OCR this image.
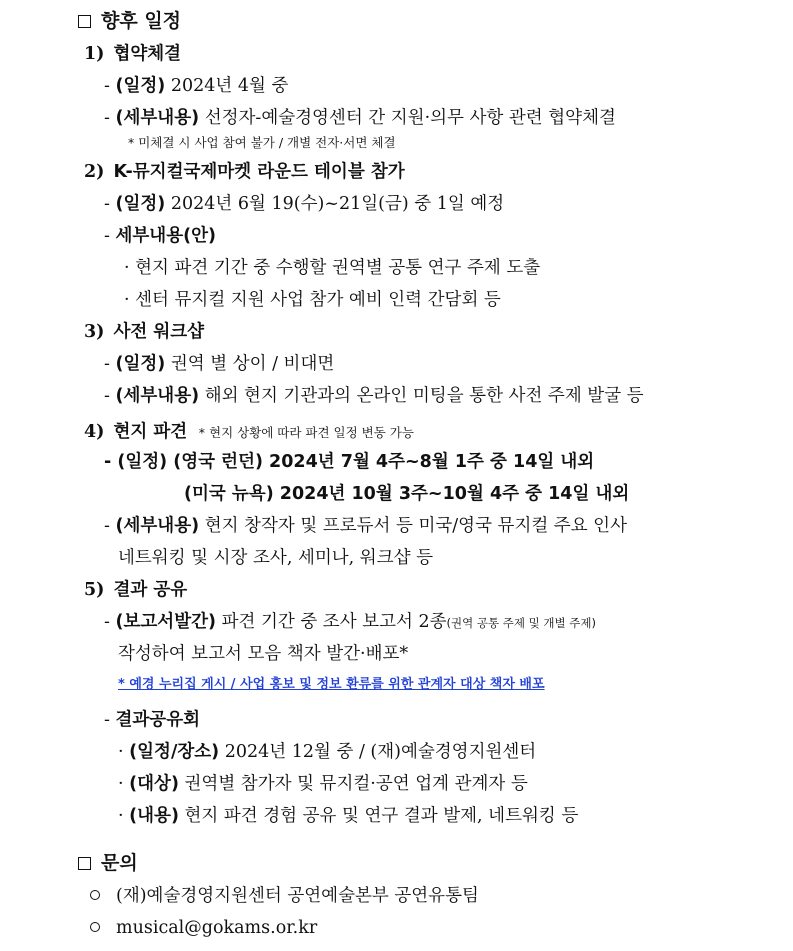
향후 일정
1) 협약체결
- (일정) 2024년 4월 중
- (세부내용) 선정자-예술경영센터 간 지원·의무 사항 관련 협약체결
* 미체결 시 사업 참여 불가 / 개별 전자·서면 체결
2) K-뮤지컬국제마켓 라운드 테이블 참가
- (일정) 2024년 6월 19(수)~21일(금) 중 1일 예정
- 세부내용(안)
· 현지 파견 기간 중 수행할 권역별 공통 연구 주제 도출
· 센터 뮤지컬 지원 사업 참가 예비 인력 간담회 등
3) 사전 워크샵
- (일정) 권역 별 상이 / 비대면
- (세부내용) 해외 현지 기관과의 온라인 미팅을 통한 사전 주제 발굴 등
4) 현지 파견 * 현지 상황에 따라 파견 일정 변동 가능
- (일정) (영국 런던) 2024년 7월 4주~8월 1주 중 14일 내외
(미국 뉴욕) 2024년 10월 3주~10월 4주 중 14일 내외
- (세부내용) 현지 창작자 및 프로듀서 등 미국/영국 뮤지컬 주요 인사
네트워킹 및 시장 조사, 세미나, 워크샵 등
5) 결과 공유
- (보고서발간) 파견 기간 중 조사 보고서 2종(권역 공통 주제 및 개별 주제)
작성하여 보고서 모음 책자 발간·배포*
* 예경 누리집 게시 / 사업 홍보 및 정보 환류를 위한 관계자 대상 책자 배포
- 결과공유회
· (일정/장소) 2024년 12월 중 / (재)예술경영지원센터
· (대상) 권역별 참가자 및 뮤지컬·공연 업계 관계자 등
· (내용) 현지 파견 경험 공유 및 연구 결과 발제, 네트워킹 등
문의
(재)예술경영지원센터 공연예술본부 공연유통팀
musical@gokams.or.kr
